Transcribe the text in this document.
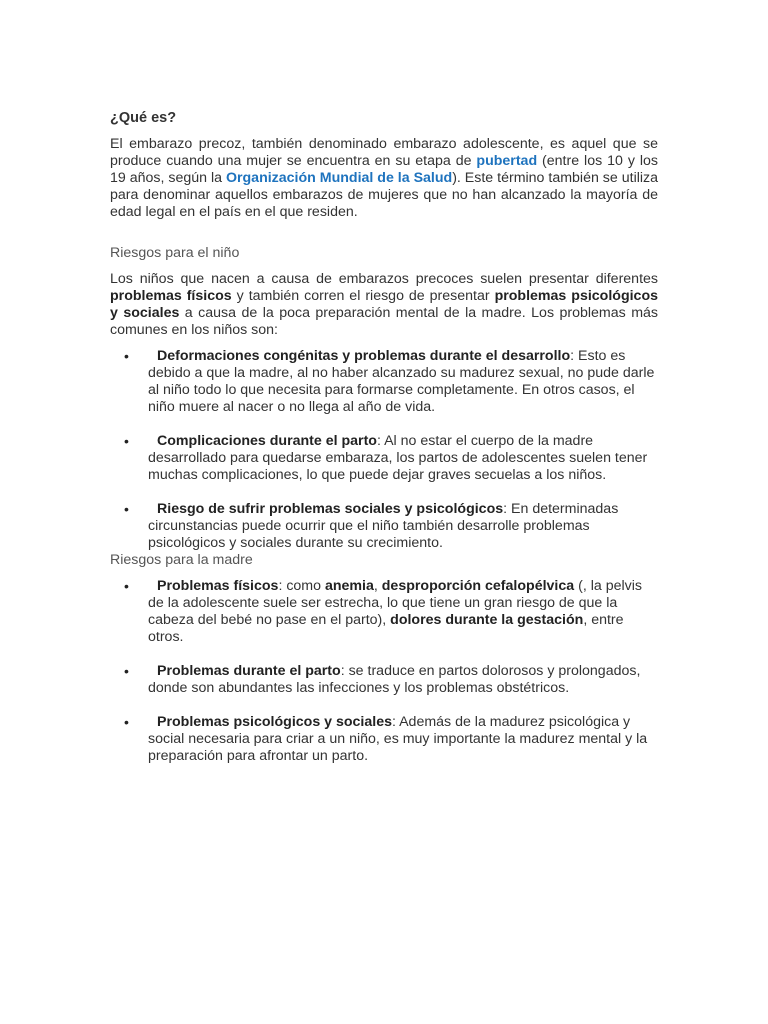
¿Qué es?

El embarazo precoz, también denominado embarazo adolescente, es aquel que se produce cuando una mujer se encuentra en su etapa de pubertad (entre los 10 y los 19 años, según la Organización Mundial de la Salud). Este término también se utiliza para denominar aquellos embarazos de mujeres que no han alcanzado la mayoría de edad legal en el país en el que residen.

Riesgos para el niño

Los niños que nacen a causa de embarazos precoces suelen presentar diferentes problemas físicos y también corren el riesgo de presentar problemas psicológicos y sociales a causa de la poca preparación mental de la madre. Los problemas más comunes en los niños son:

• Deformaciones congénitas y problemas durante el desarrollo: Esto es debido a que la madre, al no haber alcanzado su madurez sexual, no pude darle al niño todo lo que necesita para formarse completamente. En otros casos, el niño muere al nacer o no llega al año de vida.
• Complicaciones durante el parto: Al no estar el cuerpo de la madre desarrollado para quedarse embaraza, los partos de adolescentes suelen tener muchas complicaciones, lo que puede dejar graves secuelas a los niños.
• Riesgo de sufrir problemas sociales y psicológicos: En determinadas circunstancias puede ocurrir que el niño también desarrolle problemas psicológicos y sociales durante su crecimiento.
Riesgos para la madre
• Problemas físicos: como anemia, desproporción cefalopélvica (, la pelvis de la adolescente suele ser estrecha, lo que tiene un gran riesgo de que la cabeza del bebé no pase en el parto), dolores durante la gestación, entre otros.
• Problemas durante el parto: se traduce en partos dolorosos y prolongados, donde son abundantes las infecciones y los problemas obstétricos.
• Problemas psicológicos y sociales: Además de la madurez psicológica y social necesaria para criar a un niño, es muy importante la madurez mental y la preparación para afrontar un parto.
